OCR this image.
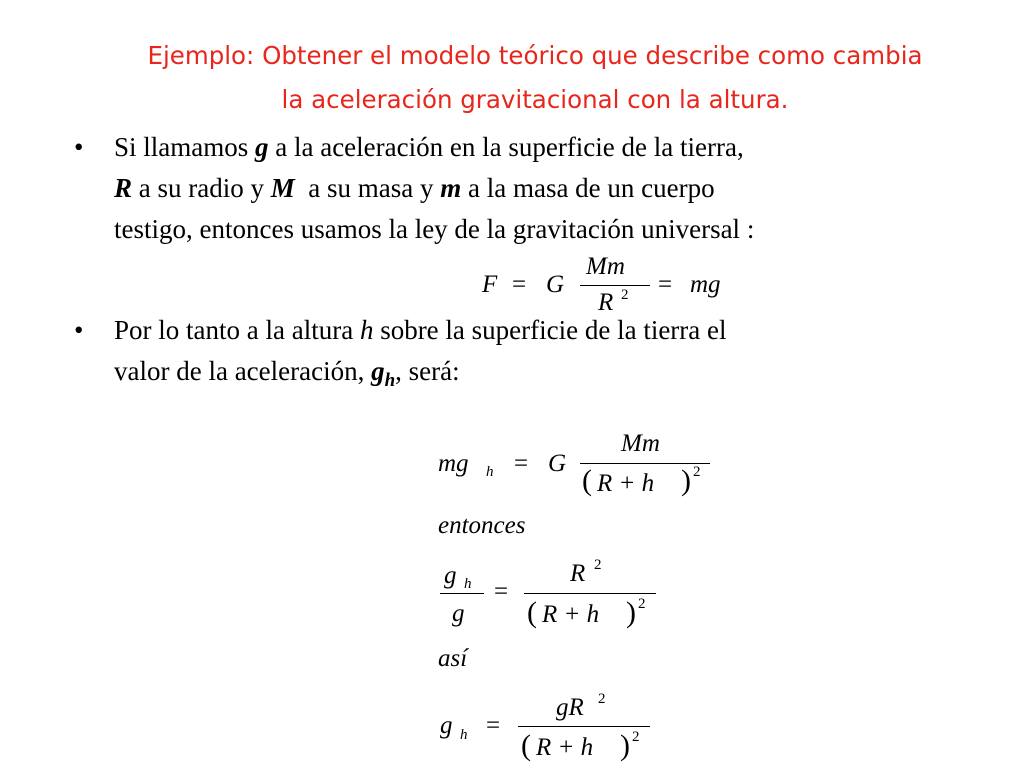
Ejemplo: Obtener el modelo teórico que describe como cambia
la aceleración gravitacional con la altura.
• Si llamamos g a la aceleración en la superficie de la tierra,
R a su radio y M  a su masa y m a la masa de un cuerpo
testigo, entonces usamos la ley de la gravitación universal :
F = G
Mm
R 2 = mg
• Por lo tanto a la altura h sobre la superficie de la tierra el
valor de la aceleración, $g_h$, será:
mg h = G
Mm
( R + h ) 2
entonces
g h
g
=
R 2
( R + h ) 2
así
g h =
gR 2
( R + h ) 2
